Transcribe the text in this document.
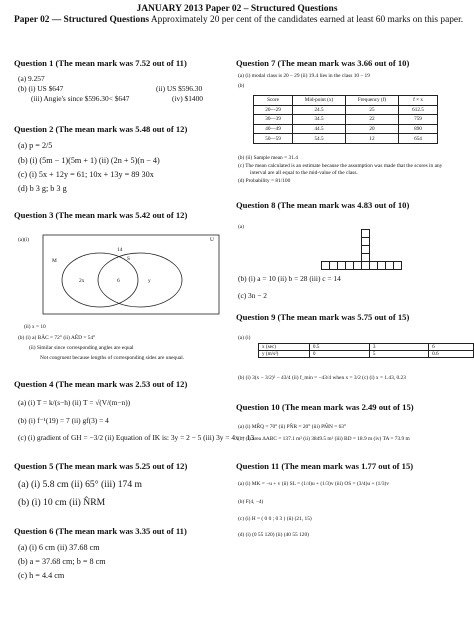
JANUARY 2013 Paper 02 – Structured Questions
Paper 02 — Structured Questions Approximately 20 per cent of the candidates earned at least 60 marks on this paper.
Question 1 (The mean mark was 7.52 out of 11)
(a) 9.257
(b) (i) US $647	(ii) US $596.30
(iii) Angie's since $596.30< $647	(iv) $1400
Question 2 (The mean mark was 5.48 out of 12)
(a) p = 2/5
(b) (i) (5m − 1)(5m + 1) (ii) (2n + 5)(n − 4)
(c) (i) 5x + 12y = 61; 10x + 13y = 89 30x
(d) b 3 g; b 3 g
Question 3 (The mean mark was 5.42 out of 12)
(a)(i)	U
M	S
14
2x	6	y
(ii) x = 10
(b) (i) a) BÂC = 72° (ii) AÊD = 54°
(ii) Similar since corresponding angles are equal
Not congruent because lengths of corresponding sides are unequal.
Question 4 (The mean mark was 2.53 out of 12)
(a) (i) T = k/(s−h) (ii) T = √(V/(m−n))
(b) (i) f⁻¹(19) = 7 (ii) gf(3) = 4
(c) (i) gradient of GH = −3/2 (ii) Equation of IK is: 3y = 2 − 5 (iii) 3y = 4x − 13
Question 5 (The mean mark was 5.25 out of 12)
(a) (i) 5.8 cm (ii) 65° (iii) 174 m
(b) (i) 10 cm (ii) N̂RM
Question 6 (The mean mark was 3.35 out of 11)
(a) (i) 6 cm (ii) 37.68 cm
(b) a = 37.68 cm; b = 8 cm
(c) h = 4.4 cm
Question 7 (The mean mark was 3.66 out of 10)
(a) (i) modal class is 20 – 29 (ii) 19.4 lies in the class 10 – 19
(b)
Score	Mid-point (x)	Frequency (f)	f × x
20—29	24.5	25	612.5
30—39	34.5	22	759
40—49	44.5	20	890
50—59	54.5	12	654
(b) (ii) Sample mean = 31.4
(c) The mean calculated is an estimate because the assumption was made that the scores in any
interval are all equal to the mid-value of the class.
(d) Probability = 81/100
Question 8 (The mean mark was 4.83 out of 10)
(a)
(b) (i) a = 10 (ii) b = 28 (iii) c = 14
(c) 3n − 2
Question 9 (The mean mark was 5.75 out of 15)
(a) (i)
x (sec)	0.5	3	6
y (m/s²)	0	5	0.6
(b) (i) 3(x − 3/2)² − 43/4 (ii) f_min = −43/4 when x = 3/2 (c) (i) x = 1.43, 0.23
Question 10 (The mean mark was 2.49 out of 15)
(a) (i) MR̂Q = 70° (ii) PN̂R = 20° (iii) PM̂N = 63°
(b) (i) area ΔABC = 137.1 m² (ii) 3849.5 m² (iii) BD = 18.9 m (iv) TA = 73.9 m
Question 11 (The mean mark was 1.77 out of 15)
(a) (i) MK = −u + v (ii) SL = (1/4)u + (1/3)v (iii) OS = (3/4)u + (1/3)v
(b) F(4, −4)
(c) (i) H = ( 0 0 ; 0 3 ) (ii) (21, 15)
(d) (i) (0 55 120) (ii) (40 55 120)
